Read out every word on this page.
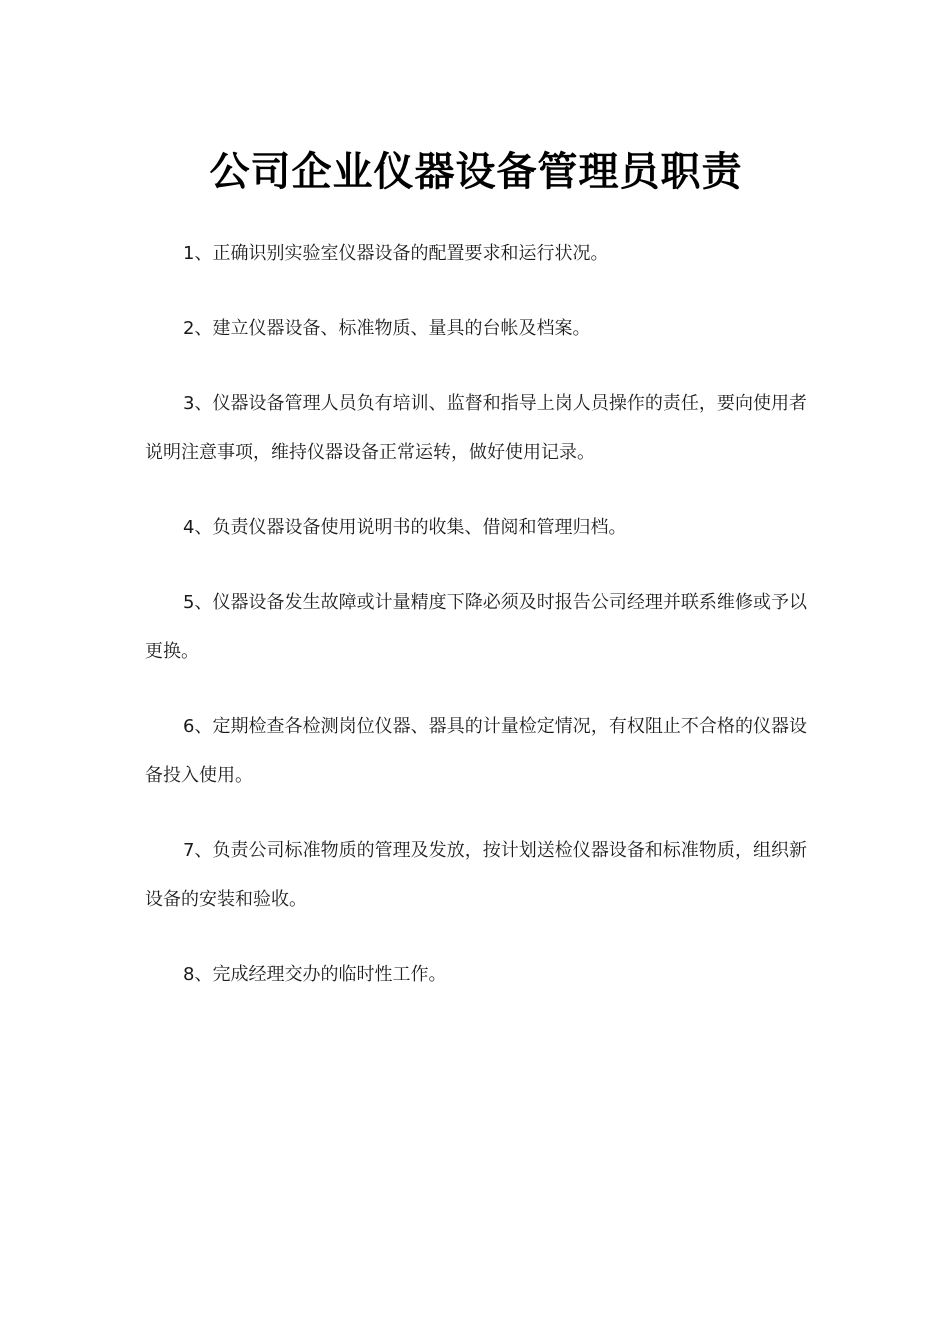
公司企业仪器设备管理员职责

1、正确识别实验室仪器设备的配置要求和运行状况。

2、建立仪器设备、标准物质、量具的台帐及档案。

3、仪器设备管理人员负有培训、监督和指导上岗人员操作的责任，要向使用者说明注意事项，维持仪器设备正常运转，做好使用记录。

4、负责仪器设备使用说明书的收集、借阅和管理归档。

5、仪器设备发生故障或计量精度下降必须及时报告公司经理并联系维修或予以更换。

6、定期检查各检测岗位仪器、器具的计量检定情况，有权阻止不合格的仪器设备投入使用。

7、负责公司标准物质的管理及发放，按计划送检仪器设备和标准物质，组织新设备的安装和验收。

8、完成经理交办的临时性工作。
